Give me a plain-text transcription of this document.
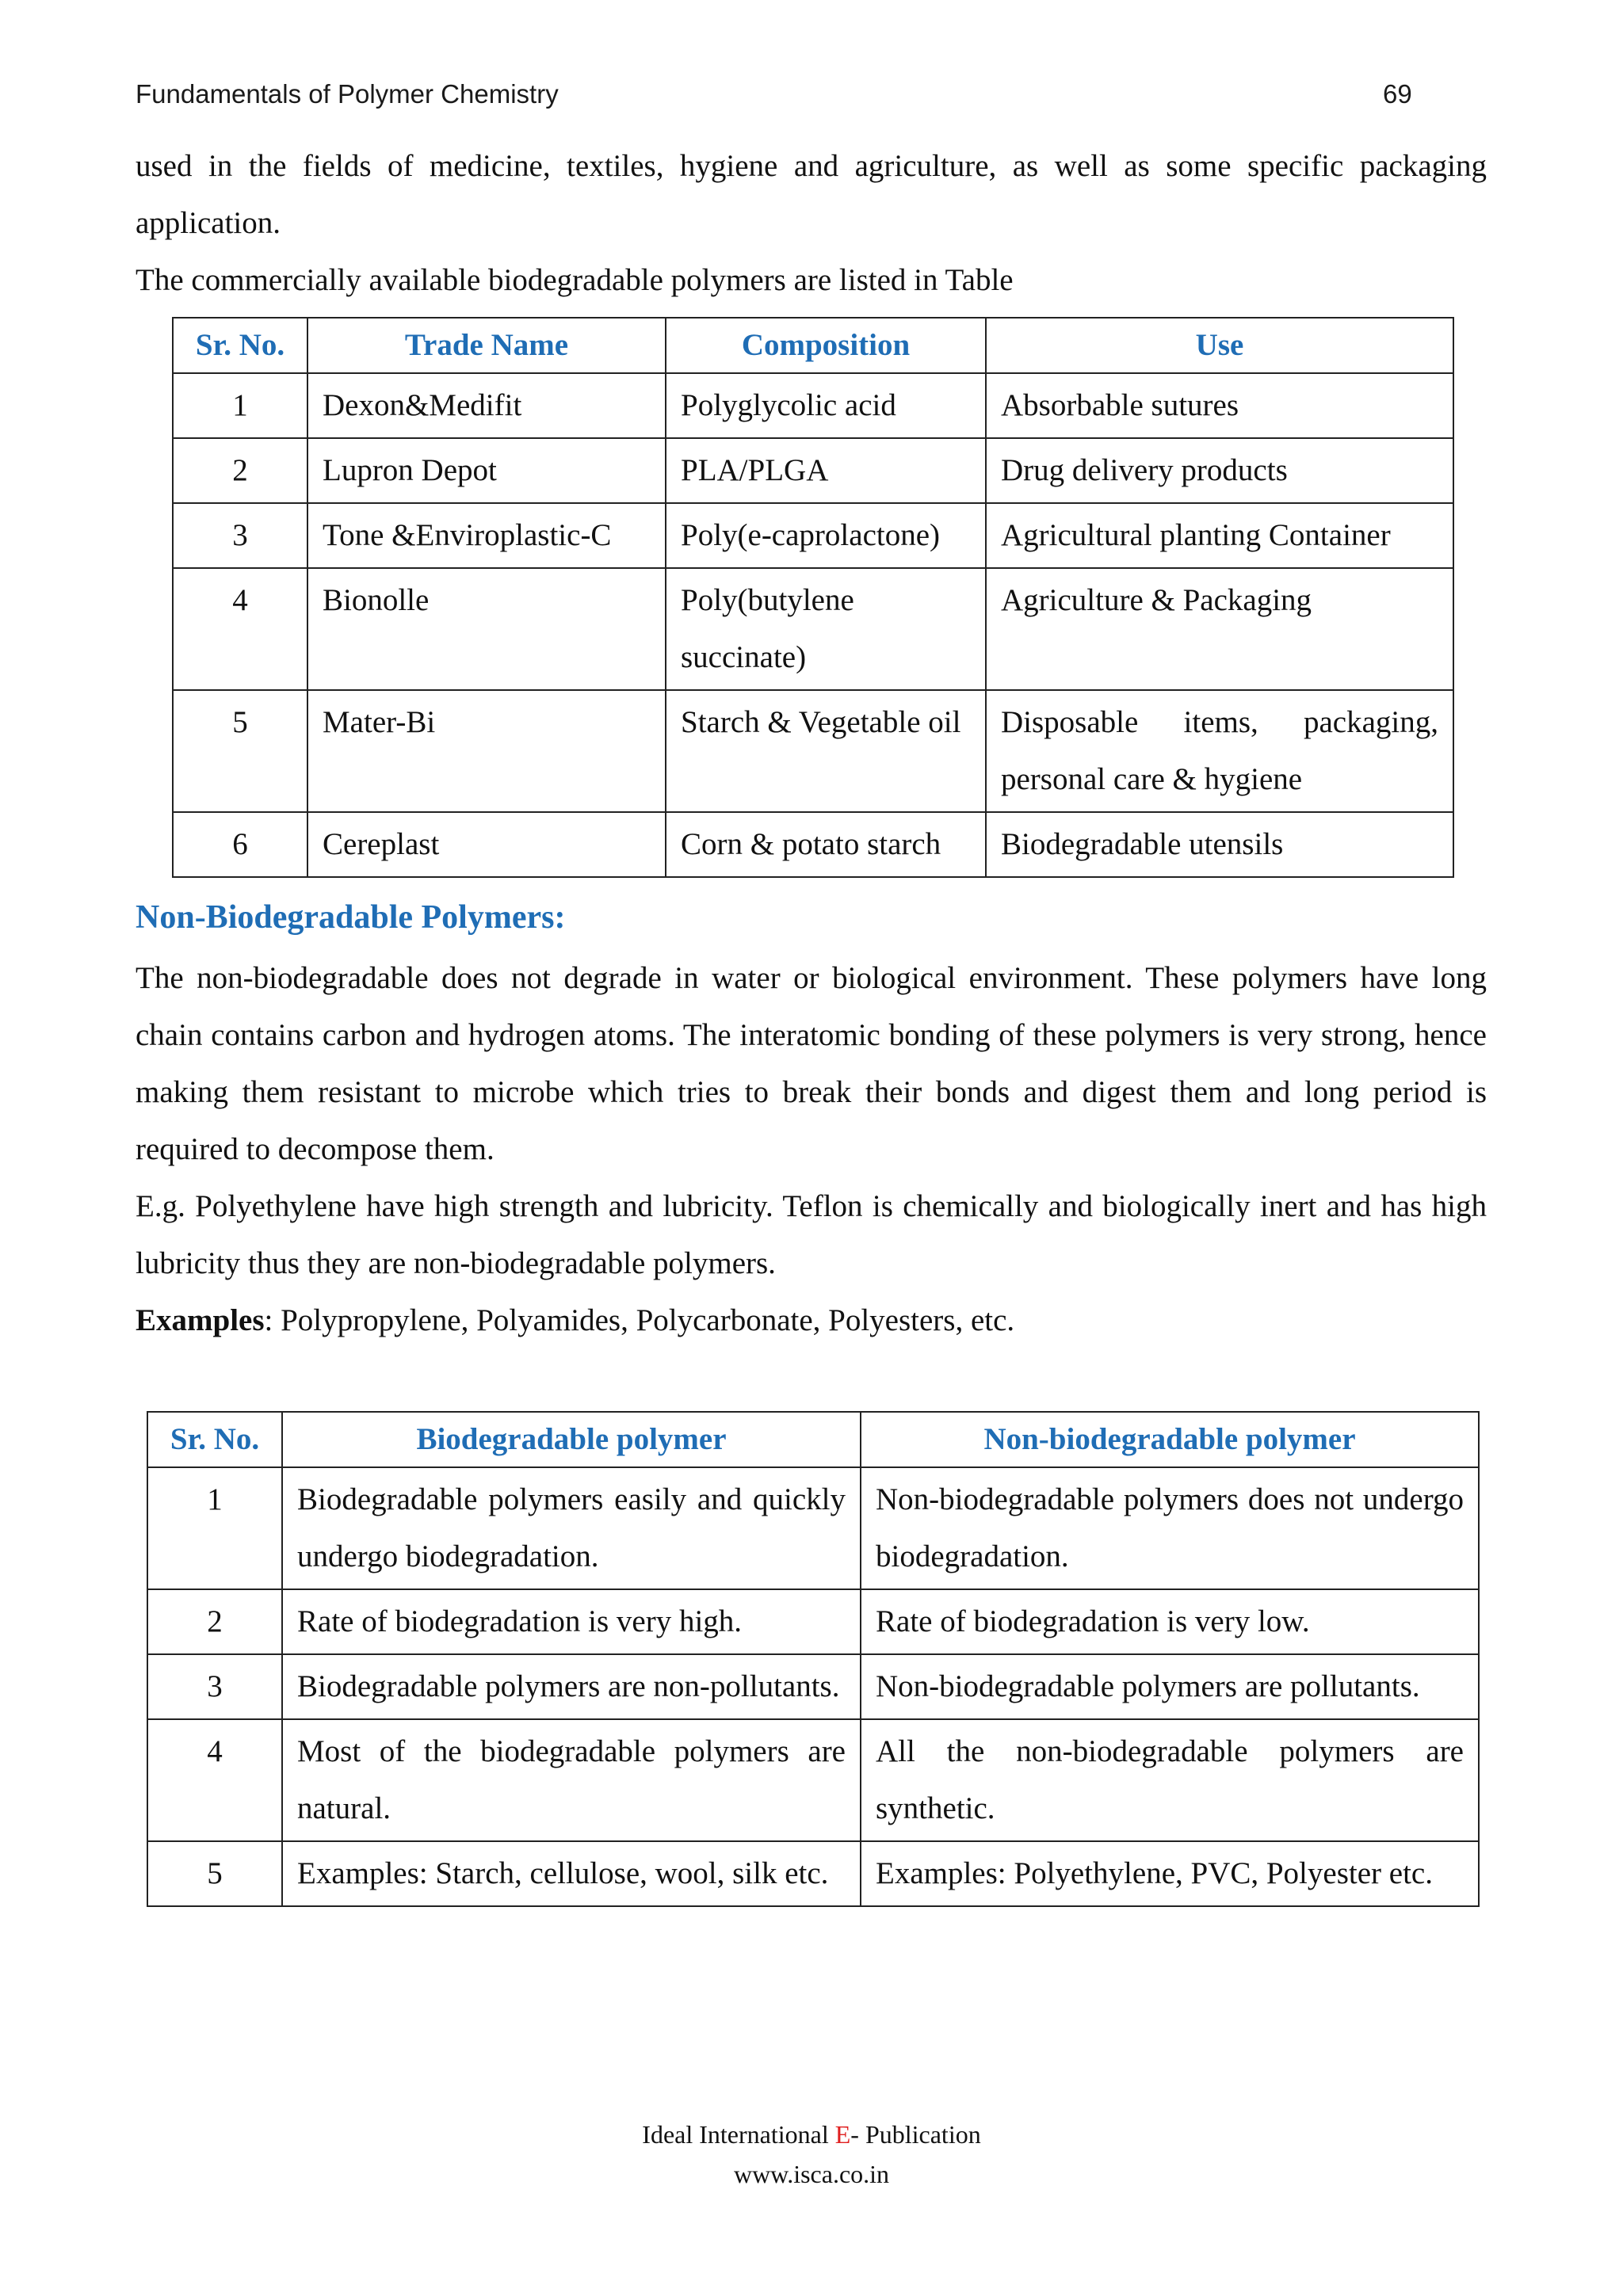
Fundamentals of Polymer Chemistry	69

used in the fields of medicine, textiles, hygiene and agriculture, as well as some specific packaging application.

The commercially available biodegradable polymers are listed in Table

Sr. No.	Trade Name	Composition	Use
1	Dexon&Medifit	Polyglycolic acid	Absorbable sutures
2	Lupron Depot	PLA/PLGA	Drug delivery products
3	Tone &Enviroplastic-C	Poly(e-caprolactone)	Agricultural planting Container
4	Bionolle	Poly(butylene succinate)	Agriculture & Packaging
5	Mater-Bi	Starch & Vegetable oil	Disposable items, packaging, personal care & hygiene
6	Cereplast	Corn & potato starch	Biodegradable utensils
Non-Biodegradable Polymers:

The non-biodegradable does not degrade in water or biological environment. These polymers have long chain contains carbon and hydrogen atoms. The interatomic bonding of these polymers is very strong, hence making them resistant to microbe which tries to break their bonds and digest them and long period is required to decompose them.

E.g. Polyethylene have high strength and lubricity. Teflon is chemically and biologically inert and has high lubricity thus they are non-biodegradable polymers.

Examples: Polypropylene, Polyamides, Polycarbonate, Polyesters, etc.

Sr. No.	Biodegradable polymer	Non-biodegradable polymer
1	Biodegradable polymers easily and quickly undergo biodegradation.	Non-biodegradable polymers does not undergo biodegradation.
2	Rate of biodegradation is very high.	Rate of biodegradation is very low.
3	Biodegradable polymers are non-pollutants.	Non-biodegradable polymers are pollutants.
4	Most of the biodegradable polymers are natural.	All the non-biodegradable polymers are synthetic.
5	Examples: Starch, cellulose, wool, silk etc.	Examples: Polyethylene, PVC, Polyester etc.
Ideal International E- Publication
www.isca.co.in
